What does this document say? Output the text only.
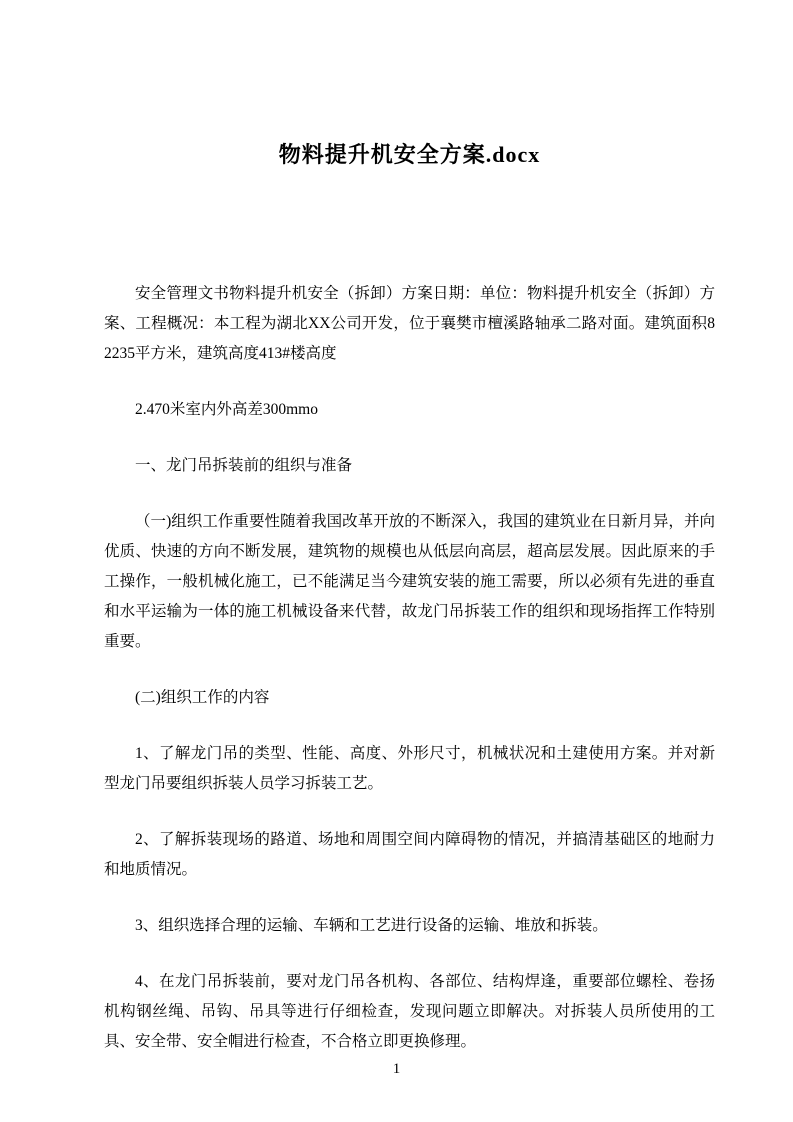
物料提升机安全方案.docx

安全管理文书物料提升机安全（拆卸）方案日期：单位：物料提升机安全（拆卸）方案、工程概况：本工程为湖北XX公司开发，位于襄樊市檀溪路轴承二路对面。建筑面积82235平方米，建筑高度413#楼高度

2.470米室内外高差300mmo

一、龙门吊拆装前的组织与准备

（一)组织工作重要性随着我国改革开放的不断深入，我国的建筑业在日新月异，并向优质、快速的方向不断发展，建筑物的规模也从低层向高层，超高层发展。因此原来的手工操作，一般机械化施工，已不能满足当今建筑安装的施工需要，所以必须有先进的垂直和水平运输为一体的施工机械设备来代替，故龙门吊拆装工作的组织和现场指挥工作特别重要。

(二)组织工作的内容

1、了解龙门吊的类型、性能、高度、外形尺寸，机械状况和土建使用方案。并对新型龙门吊要组织拆装人员学习拆装工艺。

2、了解拆装现场的路道、场地和周围空间内障碍物的情况，并搞清基础区的地耐力和地质情况。

3、组织选择合理的运输、车辆和工艺进行设备的运输、堆放和拆装。

4、在龙门吊拆装前，要对龙门吊各机构、各部位、结构焊逢，重要部位螺栓、卷扬机构钢丝绳、吊钩、吊具等进行仔细检查，发现问题立即解决。对拆装人员所使用的工具、安全带、安全帽进行检查，不合格立即更换修理。

1
